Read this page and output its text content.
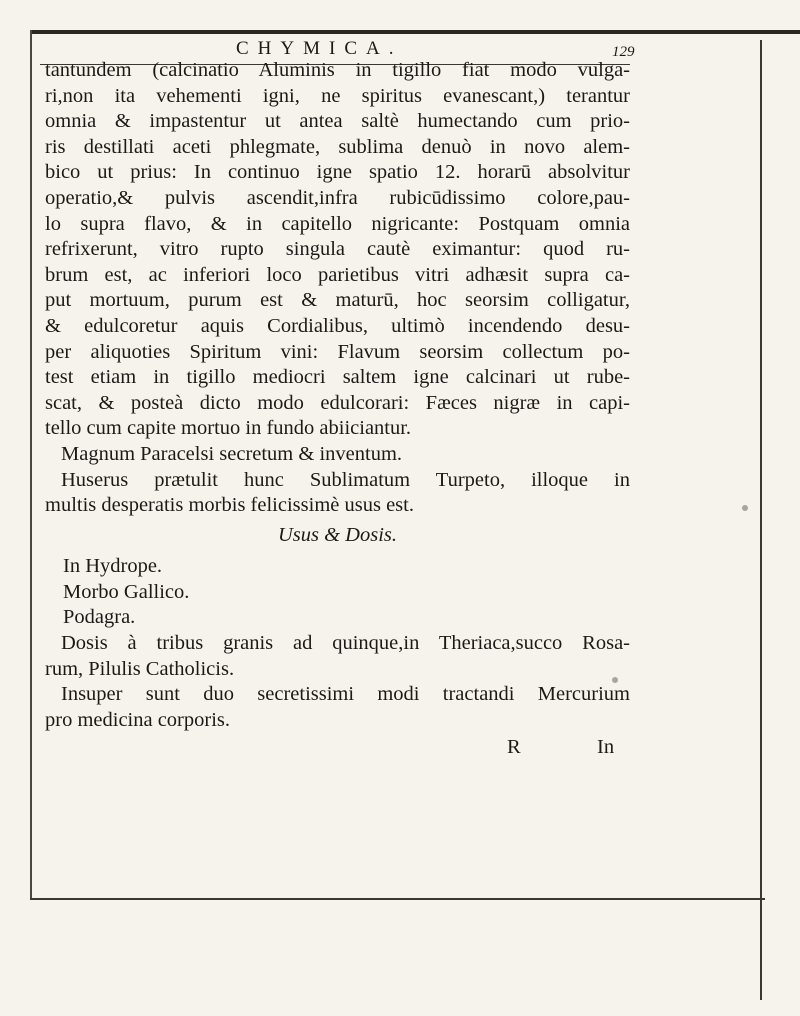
CHYMICA.	129
tantundem (calcinatio Aluminis in tigillo fiat modo vulga-
ri,non ita vehementi igni, ne spiritus evanescant,) terantur
omnia & impastentur ut antea saltè humectando cum prio-
ris destillati aceti phlegmate, sublima denuò in novo alem-
bico ut prius: In continuo igne spatio 12. horarū absolvitur
operatio,& pulvis ascendit,infra rubicūdissimo colore,pau-
lo supra flavo, & in capitello nigricante: Postquam omnia
refrixerunt, vitro rupto singula cautè eximantur: quod ru-
brum est, ac inferiori loco parietibus vitri adhæsit supra ca-
put mortuum, purum est & maturū, hoc seorsim colligatur,
& edulcoretur aquis Cordialibus, ultimò incendendo desu-
per aliquoties Spiritum vini: Flavum seorsim collectum po-
test etiam in tigillo mediocri saltem igne calcinari ut rube-
scat, & posteà dicto modo edulcorari: Fæces nigræ in capi-
tello cum capite mortuo in fundo abiiciantur.
Magnum Paracelsi secretum & inventum.
Huserus prætulit hunc Sublimatum Turpeto, illoque in
multis desperatis morbis felicissimè usus est.
Usus & Dosis.
In Hydrope.
Morbo Gallico.
Podagra.
Dosis à tribus granis ad quinque,in Theriaca,succo Rosa-
rum, Pilulis Catholicis.
Insuper sunt duo secretissimi modi tractandi Mercurium
pro medicina corporis.

R	In
